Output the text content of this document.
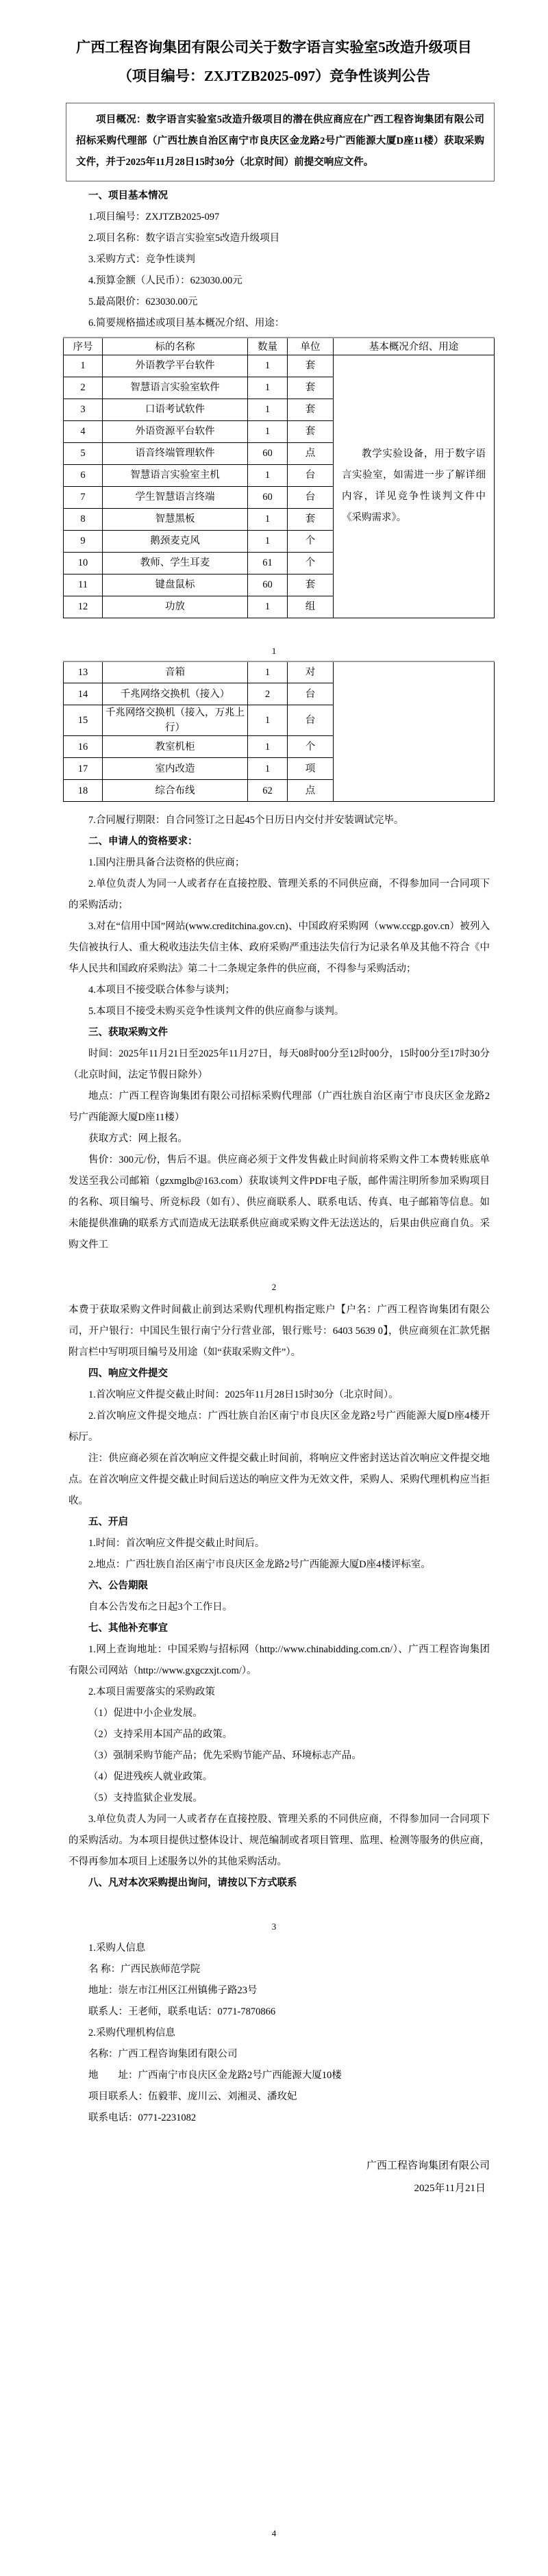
广西工程咨询集团有限公司关于数字语言实验室5改造升级项目
（项目编号：ZXJTZB2025-097）竞争性谈判公告

项目概况：数字语言实验室5改造升级项目的潜在供应商应在广西工程咨询集团有限公司招标采购代理部（广西壮族自治区南宁市良庆区金龙路2号广西能源大厦D座11楼）获取采购文件，并于2025年11月28日15时30分（北京时间）前提交响应文件。

一、项目基本情况

1.项目编号：ZXJTZB2025-097

2.项目名称：数字语言实验室5改造升级项目

3.采购方式：竞争性谈判

4.预算金额（人民币）：623030.00元

5.最高限价：623030.00元

6.简要规格描述或项目基本概况介绍、用途：

序号	标的名称	数量	单位	基本概况介绍、用途
1	外语教学平台软件	1	套	教学实验设备，用于数字语言实验室，如需进一步了解详细内容，详见竞争性谈判文件中《采购需求》。

2	智慧语言实验室软件	1	套	
3	口语考试软件	1	套	
4	外语资源平台软件	1	套	
5	语音终端管理软件	60	点	
6	智慧语言实验室主机	1	台	
7	学生智慧语言终端	60	台	
8	智慧黑板	1	套	
9	鹅颈麦克风	1	个	
10	教师、学生耳麦	61	个	
11	键盘鼠标	60	套	
12	功放	1	组	
1
13	音箱	1	对	
14	千兆网络交换机（接入）	2	台	
15	千兆网络交换机（接入，万兆上行）	1	台	
16	教室机柜	1	个	
17	室内改造	1	项	
18	综合布线	62	点	

7.合同履行期限：自合同签订之日起45个日历日内交付并安装调试完毕。

二、申请人的资格要求：

1.国内注册具备合法资格的供应商；

2.单位负责人为同一人或者存在直接控股、管理关系的不同供应商，不得参加同一合同项下的采购活动；

3.对在“信用中国”网站(www.creditchina.gov.cn)、中国政府采购网（www.ccgp.gov.cn）被列入失信被执行人、重大税收违法失信主体、政府采购严重违法失信行为记录名单及其他不符合《中华人民共和国政府采购法》第二十二条规定条件的供应商，不得参与采购活动；

4.本项目不接受联合体参与谈判；

5.本项目不接受未购买竞争性谈判文件的供应商参与谈判。

三、获取采购文件

时间：2025年11月21日至2025年11月27日，每天08时00分至12时00分，15时00分至17时30分（北京时间，法定节假日除外）

地点：广西工程咨询集团有限公司招标采购代理部（广西壮族自治区南宁市良庆区金龙路2号广西能源大厦D座11楼）

获取方式：网上报名。

售价：300元/份，售后不退。供应商必须于文件发售截止时间前将采购文件工本费转账底单发送至我公司邮箱（gzxmglb@163.com）获取谈判文件PDF电子版，邮件需注明所参加采购项目的名称、项目编号、所竞标段（如有）、供应商联系人、联系电话、传真、电子邮箱等信息。如未能提供准确的联系方式而造成无法联系供应商或采购文件无法送达的，后果由供应商自负。采购文件工

2

本费于获取采购文件时间截止前到达采购代理机构指定账户【户名：广西工程咨询集团有限公司，开户银行：中国民生银行南宁分行营业部，银行账号：6403 5639 0】，供应商须在汇款凭据附言栏中写明项目编号及用途（如“获取采购文件”）。

四、响应文件提交

1.首次响应文件提交截止时间：2025年11月28日15时30分（北京时间）。

2.首次响应文件提交地点：广西壮族自治区南宁市良庆区金龙路2号广西能源大厦D座4楼开标厅。

注：供应商必须在首次响应文件提交截止时间前，将响应文件密封送达首次响应文件提交地点。在首次响应文件提交截止时间后送达的响应文件为无效文件，采购人、采购代理机构应当拒收。

五、开启

1.时间：首次响应文件提交截止时间后。

2.地点：广西壮族自治区南宁市良庆区金龙路2号广西能源大厦D座4楼评标室。

六、公告期限

自本公告发布之日起3个工作日。

七、其他补充事宜

1.网上查询地址：中国采购与招标网（http://www.chinabidding.com.cn/）、广西工程咨询集团有限公司网站（http://www.gxgczxjt.com/）。

2.本项目需要落实的采购政策

（1）促进中小企业发展。

（2）支持采用本国产品的政策。

（3）强制采购节能产品；优先采购节能产品、环境标志产品。

（4）促进残疾人就业政策。

（5）支持监狱企业发展。

3.单位负责人为同一人或者存在直接控股、管理关系的不同供应商，不得参加同一合同项下的采购活动。为本项目提供过整体设计、规范编制或者项目管理、监理、检测等服务的供应商，不得再参加本项目上述服务以外的其他采购活动。

八、凡对本次采购提出询问，请按以下方式联系

3

1.采购人信息

名 称：广西民族师范学院

地址：崇左市江州区江州镇佛子路23号

联系人：王老师，联系电话：0771-7870866

2.采购代理机构信息

名称：广西工程咨询集团有限公司

地　　址：广西南宁市良庆区金龙路2号广西能源大厦10楼

项目联系人：伍毅菲、庞川云、刘湘灵、潘玫妃

联系电话：0771-2231082

广西工程咨询集团有限公司
2025年11月21日
4
